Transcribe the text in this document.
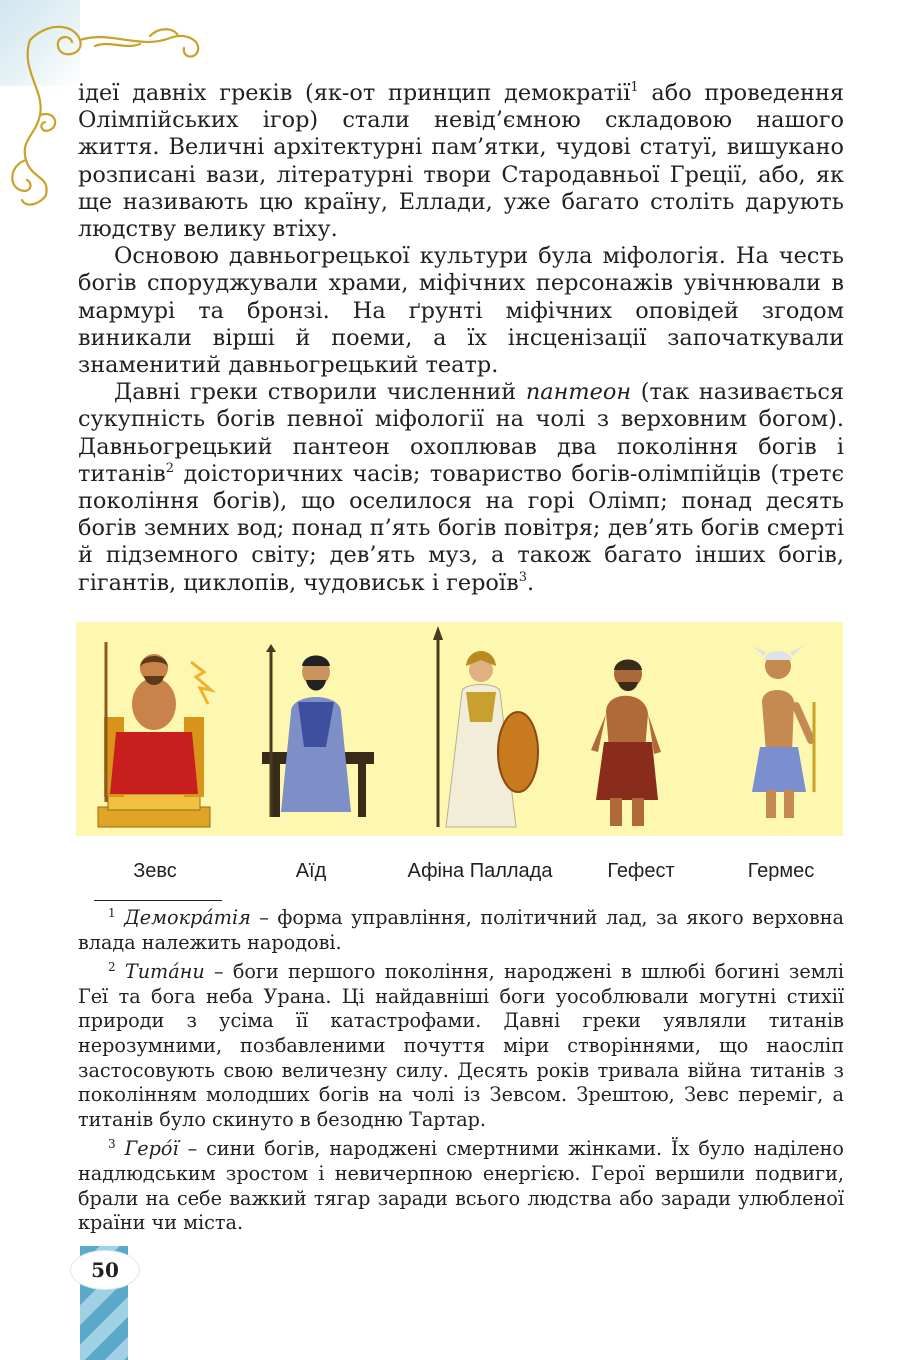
50

ідеї давніх греків (як-от принцип демократії$^1$ або проведення Олімпійських ігор) стали невід’ємною складовою нашого життя. Величні архітектурні пам’ятки, чудові статуї, вишукано розписані вази, літературні твори Стародавньої Греції, або, як ще називають цю країну, Еллади, уже багато століть дарують людству велику втіху.

Основою давньогрецької культури була міфологія. На честь богів споруджували храми, міфічних персонажів увічнювали в мармурі та бронзі. На ґрунті міфічних оповідей згодом виникали вірші й поеми, а їх інсценізації започаткували знаменитий давньогрецький театр.

Давні греки створили численний пантеон (так називається сукупність богів певної міфології на чолі з верховним богом). Давньогрецький пантеон охоплював два покоління богів і титанів$^2$ доісторичних часів; товариство богів-олімпійців (третє покоління богів), що оселилося на горі Олімп; понад десять богів земних вод; понад п’ять богів повітря; дев’ять богів смерті й підземного світу; дев’ять муз, а також багато інших богів, гігантів, циклопів, чудовиськ і героїв$^3$.

Зевс	Аїд	Афіна Паллада	Гефест	Гермес

$^1$ Демокра́тія – форма управління, політичний лад, за якого верховна влада належить народові.

$^2$ Тита́ни – боги першого покоління, народжені в шлюбі богині землі Геї та бога неба Урана. Ці найдавніші боги уособлювали могутні стихії природи з усіма її катастрофами. Давні греки уявляли титанів нерозумними, позбавленими почуття міри створіннями, що наосліп застосовують свою величезну силу. Десять років тривала війна титанів з поколінням молодших богів на чолі із Зевсом. Зрештою, Зевс переміг, а титанів було скинуто в безодню Тартар.

$^3$ Геро́ї – сини богів, народжені смертними жінками. Їх було наділено надлюдським зростом і невичерпною енергією. Герої вершили подвиги, брали на себе важкий тягар заради всього людства або заради улюбленої країни чи міста.
